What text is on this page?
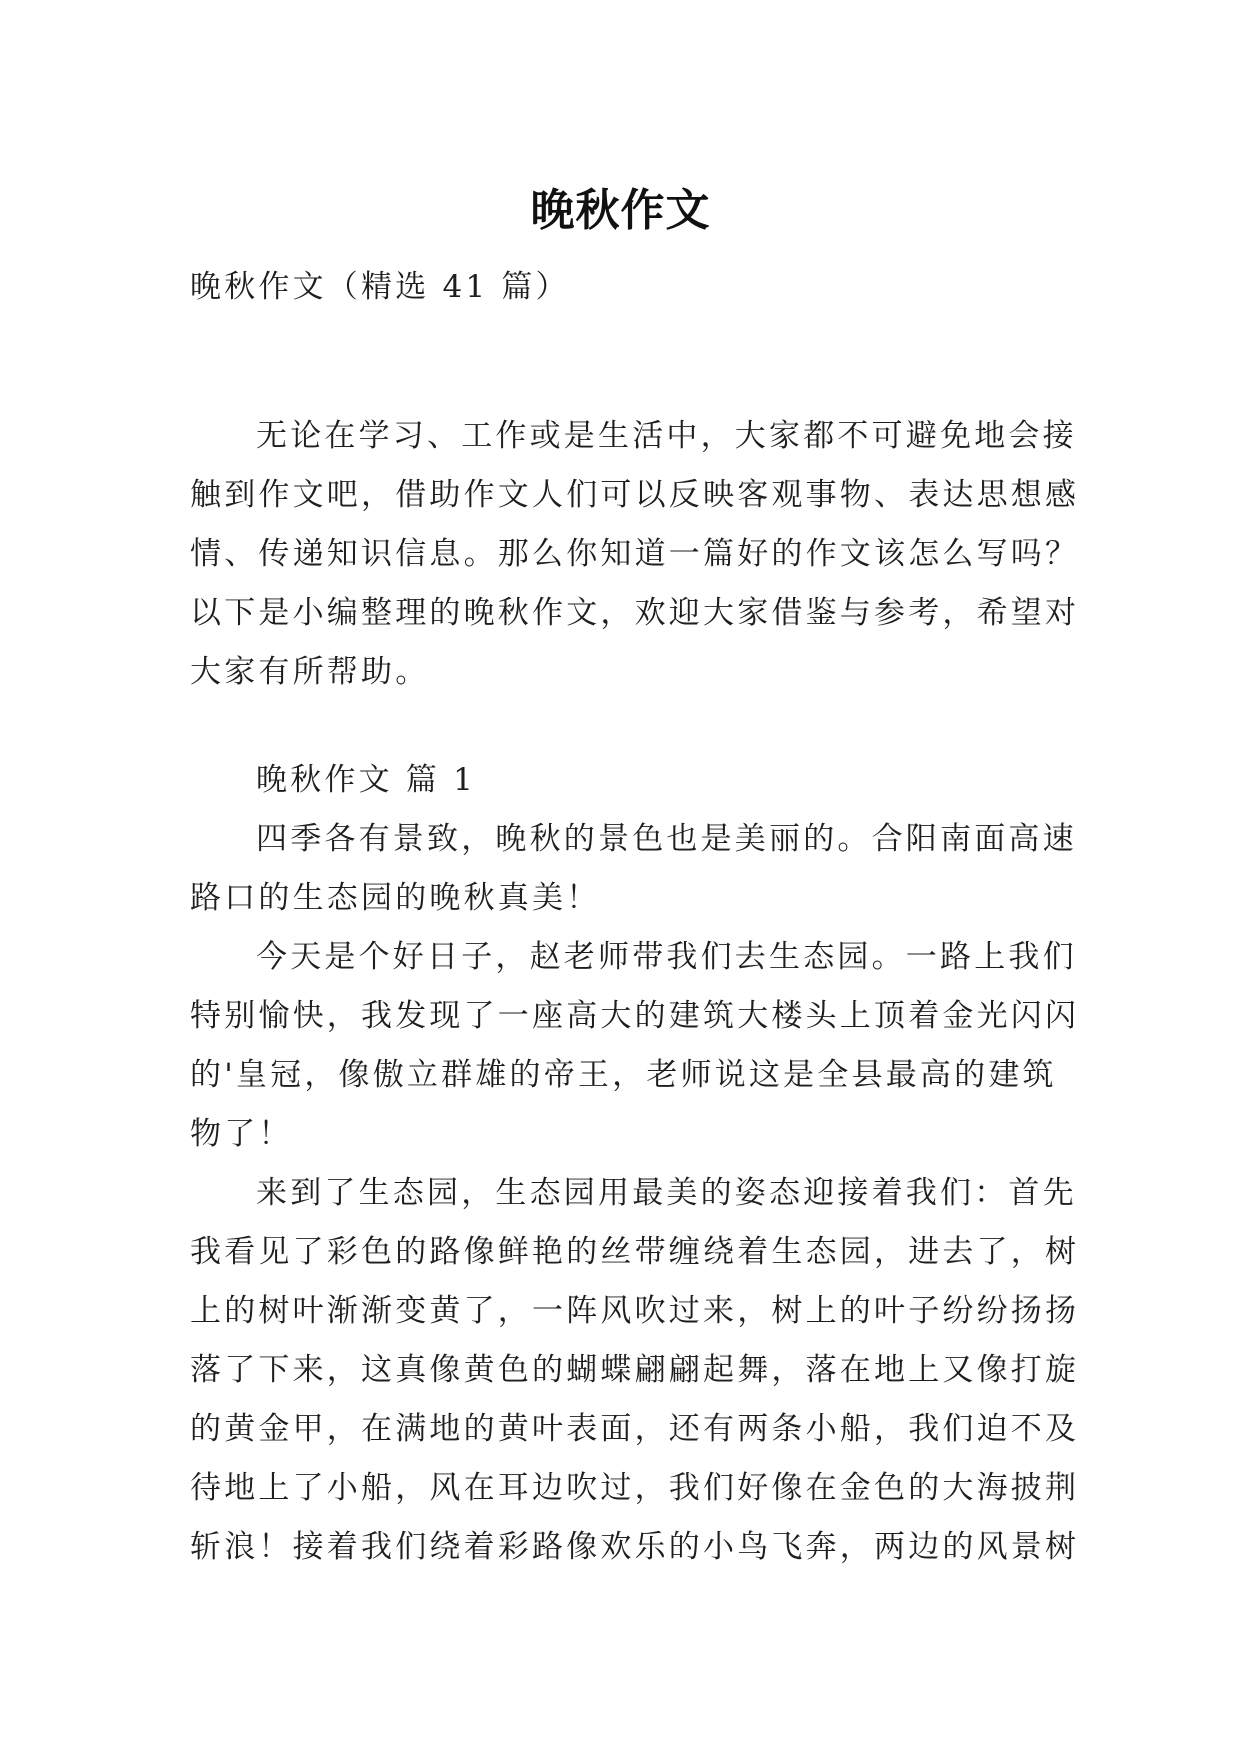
晚秋作文

晚秋作文（精选 41 篇）

无论在学习、工作或是生活中，大家都不可避免地会接
触到作文吧，借助作文人们可以反映客观事物、表达思想感
情、传递知识信息。那么你知道一篇好的作文该怎么写吗？
以下是小编整理的晚秋作文，欢迎大家借鉴与参考，希望对
大家有所帮助。
晚秋作文 篇 1
四季各有景致，晚秋的景色也是美丽的。合阳南面高速
路口的生态园的晚秋真美！
今天是个好日子，赵老师带我们去生态园。一路上我们
特别愉快，我发现了一座高大的建筑大楼头上顶着金光闪闪
的'皇冠，像傲立群雄的帝王，老师说这是全县最高的建筑
物了！
来到了生态园，生态园用最美的姿态迎接着我们：首先
我看见了彩色的路像鲜艳的丝带缠绕着生态园，进去了，树
上的树叶渐渐变黄了，一阵风吹过来，树上的叶子纷纷扬扬
落了下来，这真像黄色的蝴蝶翩翩起舞，落在地上又像打旋
的黄金甲，在满地的黄叶表面，还有两条小船，我们迫不及
待地上了小船，风在耳边吹过，我们好像在金色的大海披荆
斩浪！接着我们绕着彩路像欢乐的小鸟飞奔，两边的风景树
